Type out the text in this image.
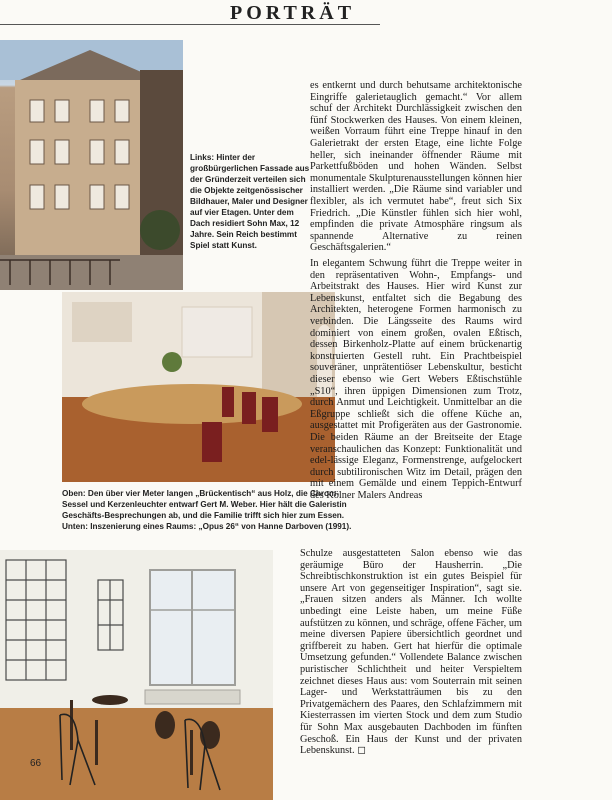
PORTRÄT
Links: Hinter der großbürgerlichen Fassade aus der Gründerzeit verteilen sich die Objekte zeitgenössischer Bildhauer, Maler und Designer auf vier Etagen. Unter dem Dach residiert Sohn Max, 12 Jahre. Sein Reich bestimmt Spiel statt Kunst.
Oben: Den über vier Meter langen „Brückentisch“ aus Holz, die Chrom-Sessel und Kerzenleuchter entwarf Gert M. Weber. Hier hält die Galeristin Geschäfts-Besprechungen ab, und die Familie trifft sich hier zum Essen.
Unten: Inszenierung eines Raums: „Opus 26“ von Hanne Darboven (1991).
es entkernt und durch behutsame architektonische Eingriffe galerietauglich gemacht.“ Vor allem schuf der Architekt Durchlässigkeit zwischen den fünf Stockwerken des Hauses. Von einem kleinen, weißen Vorraum führt eine Treppe hinauf in den Galerietrakt der ersten Etage, eine lichte Folge heller, sich ineinander öffnender Räume mit Parkettfußböden und hohen Wänden. Selbst monumentale Skulpturenausstellungen können hier installiert werden. „Die Räume sind variabler und flexibler, als ich vermutet habe“, freut sich Six Friedrich. „Die Künstler fühlen sich hier wohl, empfinden die private Atmosphäre ringsum als spannende Alternative zu reinen Geschäftsgalerien.“
In elegantem Schwung führt die Treppe weiter in den repräsentativen Wohn-, Empfangs- und Arbeitstrakt des Hauses. Hier wird Kunst zur Lebenskunst, entfaltet sich die Begabung des Architekten, heterogene Formen harmonisch zu verbinden. Die Längsseite des Raums wird dominiert von einem großen, ovalen Eßtisch, dessen Birkenholz-Platte auf einem brückenartig konstruierten Gestell ruht. Ein Prachtbeispiel souveräner, unprätentiöser Lebenskultur, besticht dieser ebenso wie Gert Webers Eßtischstühle „S10“, ihren üppigen Dimensionen zum Trotz, durch Anmut und Leichtigkeit. Unmittelbar an die Eßgruppe schließt sich die offene Küche an, ausgestattet mit Profigeräten aus der Gastronomie. Die beiden Räume an der Breitseite der Etage veranschaulichen das Konzept: Funktionalität und edel-lässige Eleganz, Formenstrenge, aufgelockert durch subtilironischen Witz im Detail, prägen den mit einem Gemälde und einem Teppich-Entwurf des Kölner Malers Andreas
Schulze ausgestatteten Salon ebenso wie das geräumige Büro der Hausherrin. „Die Schreibtischkonstruktion ist ein gutes Beispiel für unsere Art von gegenseitiger Inspiration“, sagt sie. „Frauen sitzen anders als Männer. Ich wollte unbedingt eine Leiste haben, um meine Füße aufstützen zu können, und schräge, offene Fächer, um meine diversen Papiere übersichtlich geordnet und griffbereit zu haben. Gert hat hierfür die optimale Umsetzung gefunden.“ Vollendete Balance zwischen puristischer Schlichtheit und heiter Verspieltem zeichnet dieses Haus aus: vom Souterrain mit seinen Lager- und Werkstatträumen bis zu den Privatgemächern des Paares, den Schlafzimmern mit Kiesterrassen im vierten Stock und dem zum Studio für Sohn Max ausgebauten Dachboden im fünften Geschoß. Ein Haus der Kunst und der privaten Lebenskunst. ◻
66
